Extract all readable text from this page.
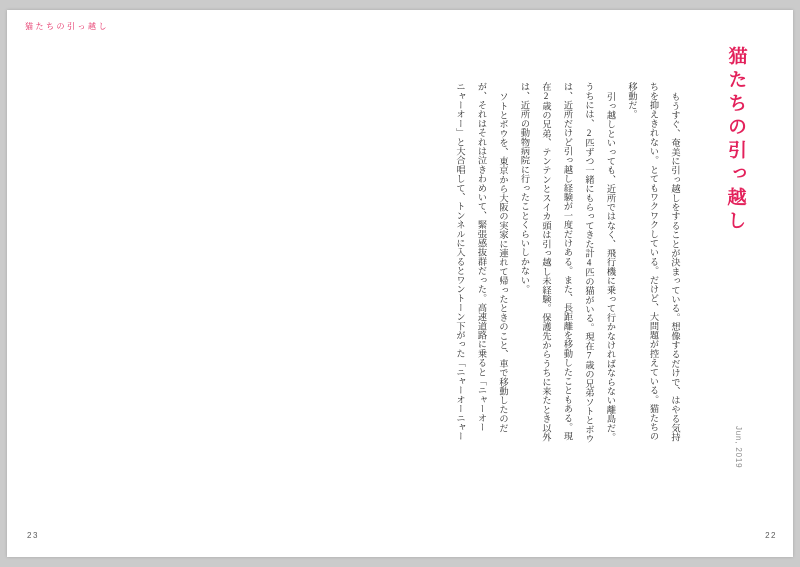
猫たちの引っ越し
23
猫たちの引っ越し
もうすぐ、奄美に引っ越しをすることが決まっている。想像するだけで、はやる気持
ちを抑えきれない。とてもワクワクしている。だけど、大問題が控えている。猫たちの
移動だ。
引っ越しといっても、近所ではなく、飛行機に乗って行かなければならない離島だ。
うちには、2匹ずつ一緒にもらってきた計4匹の猫がいる。現在7歳の兄弟ソトとボウ
は、近所だけど引っ越し経験が一度だけある。また、長距離を移動したこともある。現
在2歳の兄弟、テンテンとスイカ頭は引っ越し未経験。保護先からうちに来たとき以外
は、近所の動物病院に行ったことくらいしかない。
ソトとボウを、東京から大阪の実家に連れて帰ったときのこと、車で移動したのだ
が、それはそれは泣きわめいて、緊張感抜群だった。高速道路に乗ると「ニャーオー
ニャーオー」と大合唱して、トンネルに入るとワントーン下がった「ニャーオーニャー
Jun, 2019
22
